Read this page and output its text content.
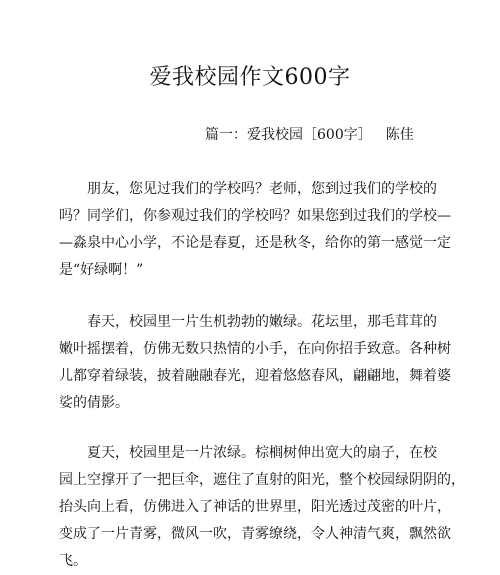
爱我校园作文600字
篇一：爱我校园［600字］ 陈佳
朋友，您见过我们的学校吗？老师，您到过我们的学校的
吗？同学们，你参观过我们的学校吗？如果您到过我们的学校—
—淼泉中心小学，不论是春夏，还是秋冬，给你的第一感觉一定
是“好绿啊！”
春天，校园里一片生机勃勃的嫩绿。花坛里，那毛茸茸的
嫩叶摇摆着，仿佛无数只热情的小手，在向你招手致意。各种树
儿都穿着绿装，披着融融春光，迎着悠悠春风，翩翩地，舞着婆
娑的倩影。
夏天，校园里是一片浓绿。棕榈树伸出宽大的扇子，在校
园上空撑开了一把巨伞，遮住了直射的阳光，整个校园绿阴阴的，
抬头向上看，仿佛进入了神话的世界里，阳光透过茂密的叶片，
变成了一片青雾，微风一吹，青雾缭绕，令人神清气爽，飘然欲
飞。
